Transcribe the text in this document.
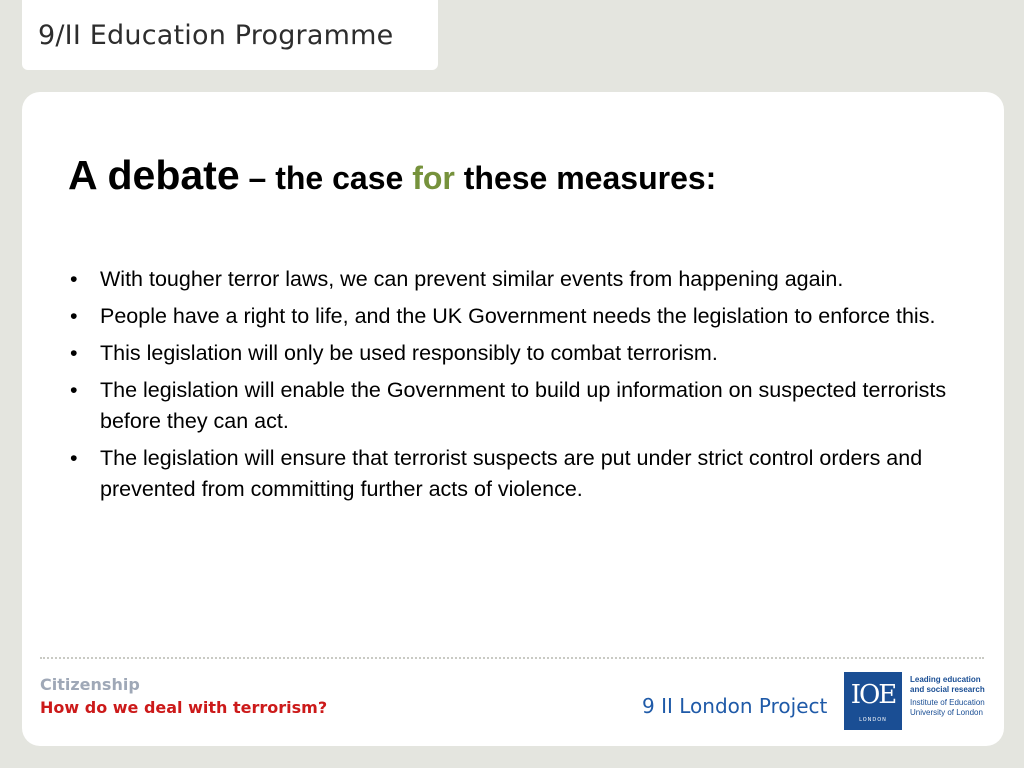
9/II Education Programme
A debate – the case for these measures:
• With tougher terror laws, we can prevent similar events from happening again.
• People have a right to life, and the UK Government needs the legislation to enforce this.
• This legislation will only be used responsibly to combat terrorism.
• The legislation will enable the Government to build up information on suspected terrorists before they can act.
• The legislation will ensure that terrorist suspects are put under strict control orders and prevented from committing further acts of violence.
Citizenship
How do we deal with terrorism?	9 II London Project IOE
LONDON
Leading education
and social research
Institute of Education
University of London
